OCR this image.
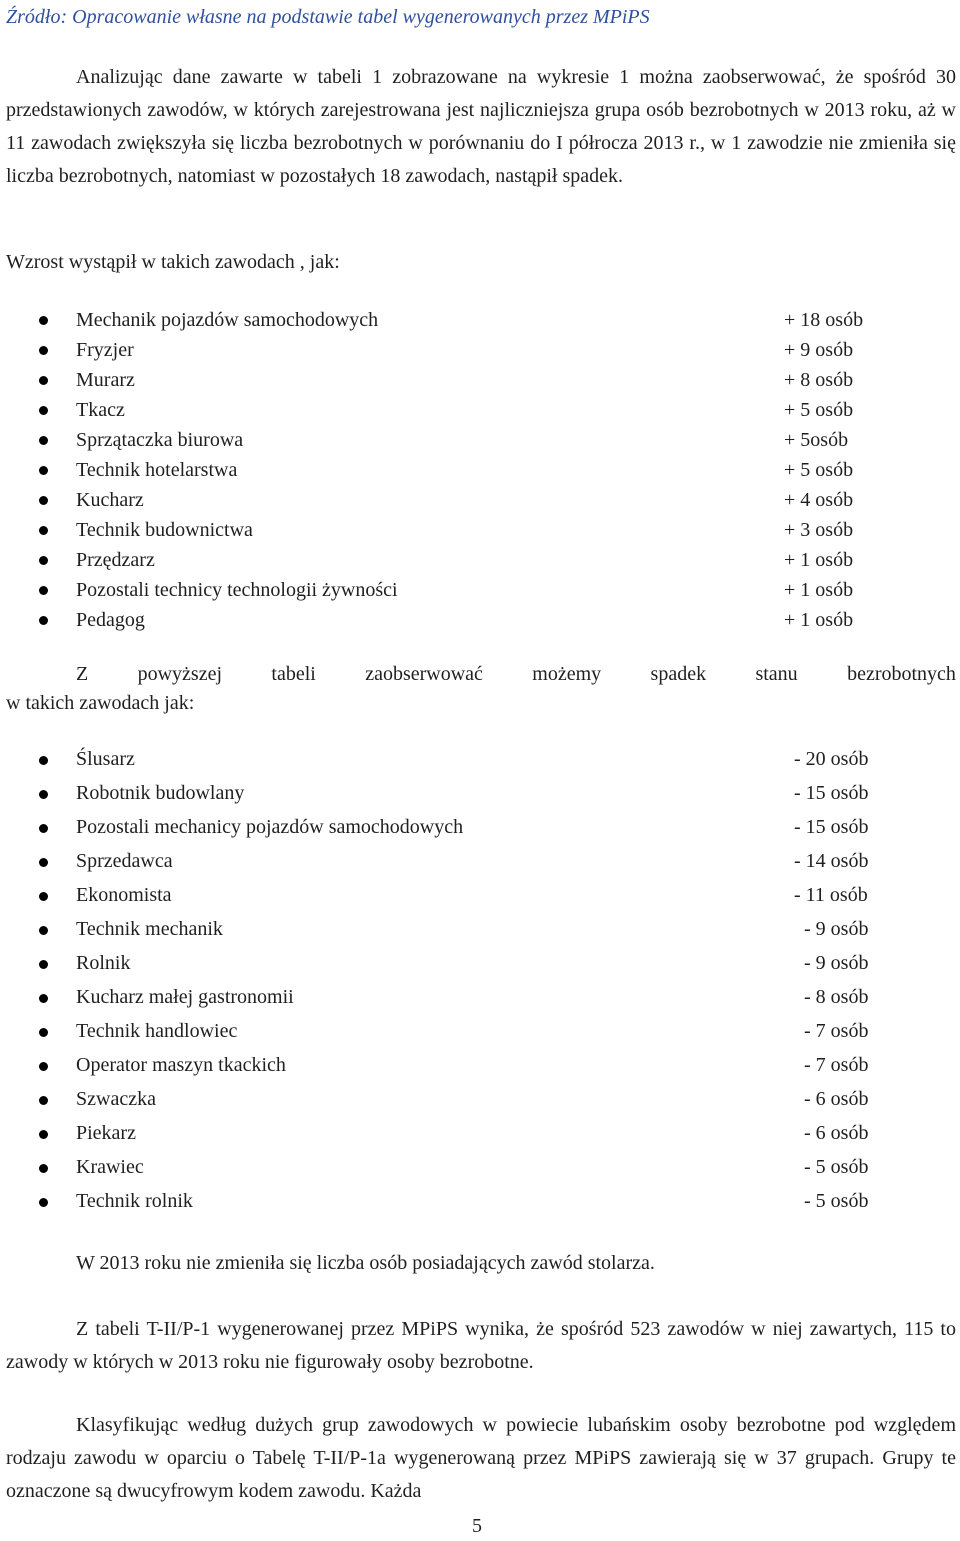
Źródło: Opracowanie własne na podstawie tabel wygenerowanych przez MPiPS
Analizując dane zawarte w tabeli 1 zobrazowane na wykresie 1 można zaobserwować, że spośród 30 przedstawionych zawodów, w których zarejestrowana jest najliczniejsza grupa osób bezrobotnych w 2013 roku, aż w 11 zawodach zwiększyła się liczba bezrobotnych w porównaniu do I półrocza 2013 r., w 1 zawodzie nie zmieniła się liczba bezrobotnych, natomiast w pozostałych 18 zawodach, nastąpił spadek.
Wzrost wystąpił w takich zawodach , jak:
Mechanik pojazdów samochodowych	+ 18 osób
Fryzjer	+ 9 osób
Murarz	+ 8 osób
Tkacz	+ 5 osób
Sprzątaczka biurowa	+ 5osób
Technik hotelarstwa	+ 5 osób
Kucharz	+ 4 osób
Technik budownictwa	+ 3 osób
Przędzarz	+ 1 osób
Pozostali technicy technologii żywności	+ 1 osób
Pedagog	+ 1 osób
Z powyższej tabeli zaobserwować możemy spadek stanu bezrobotnych
w takich zawodach jak:
Ślusarz	- 20 osób
Robotnik budowlany	- 15 osób
Pozostali mechanicy pojazdów samochodowych	- 15 osób
Sprzedawca	- 14 osób
Ekonomista	- 11 osób
Technik mechanik	- 9 osób
Rolnik	- 9 osób
Kucharz małej gastronomii	- 8 osób
Technik handlowiec	- 7 osób
Operator maszyn tkackich	- 7 osób
Szwaczka	- 6 osób
Piekarz	- 6 osób
Krawiec	- 5 osób
Technik rolnik	- 5 osób
W 2013 roku nie zmieniła się liczba osób posiadających zawód stolarza.
Z tabeli T-II/P-1 wygenerowanej przez MPiPS wynika, że spośród 523 zawodów w niej zawartych, 115 to zawody w których w 2013 roku nie figurowały osoby bezrobotne.
Klasyfikując według dużych grup zawodowych w powiecie lubańskim osoby bezrobotne pod względem rodzaju zawodu w oparciu o Tabelę T-II/P-1a wygenerowaną przez MPiPS zawierają się w 37 grupach. Grupy te oznaczone są dwucyfrowym kodem zawodu. Każda
5
